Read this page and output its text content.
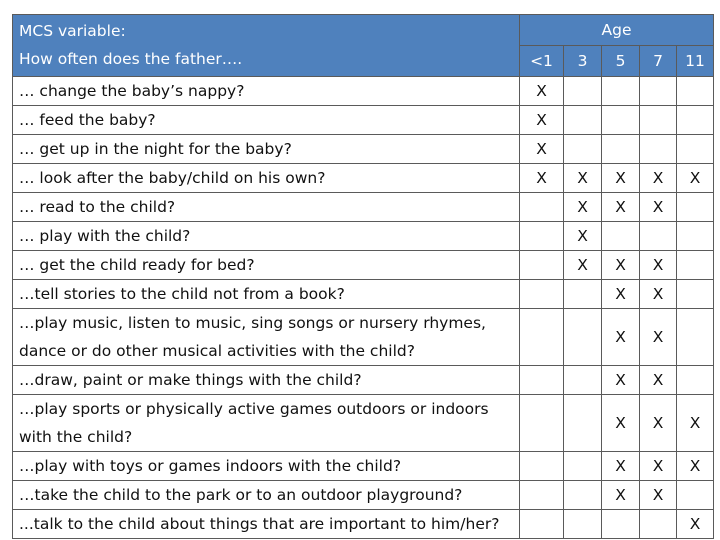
MCS variable:
How often does the father….	Age				
	<1	3	5	7	11

… change the baby’s nappy?	X				

… feed the baby?	X				

… get up in the night for the baby?	X				

… look after the baby/child on his own?	X	X	X	X	X

… read to the child?		X	X	X	

… play with the child?		X			

… get the child ready for bed?		X	X	X	

…tell stories to the child not from a book?			X	X	

…play music, listen to music, sing songs or nursery rhymes,
dance or do other musical activities with the child?			X	X	

…draw, paint or make things with the child?			X	X	

…play sports or physically active games outdoors or indoors
with the child?			X	X	X

…play with toys or games indoors with the child?			X	X	X

…take the child to the park or to an outdoor playground?			X	X	

...talk to the child about things that are important to him/her?					X
